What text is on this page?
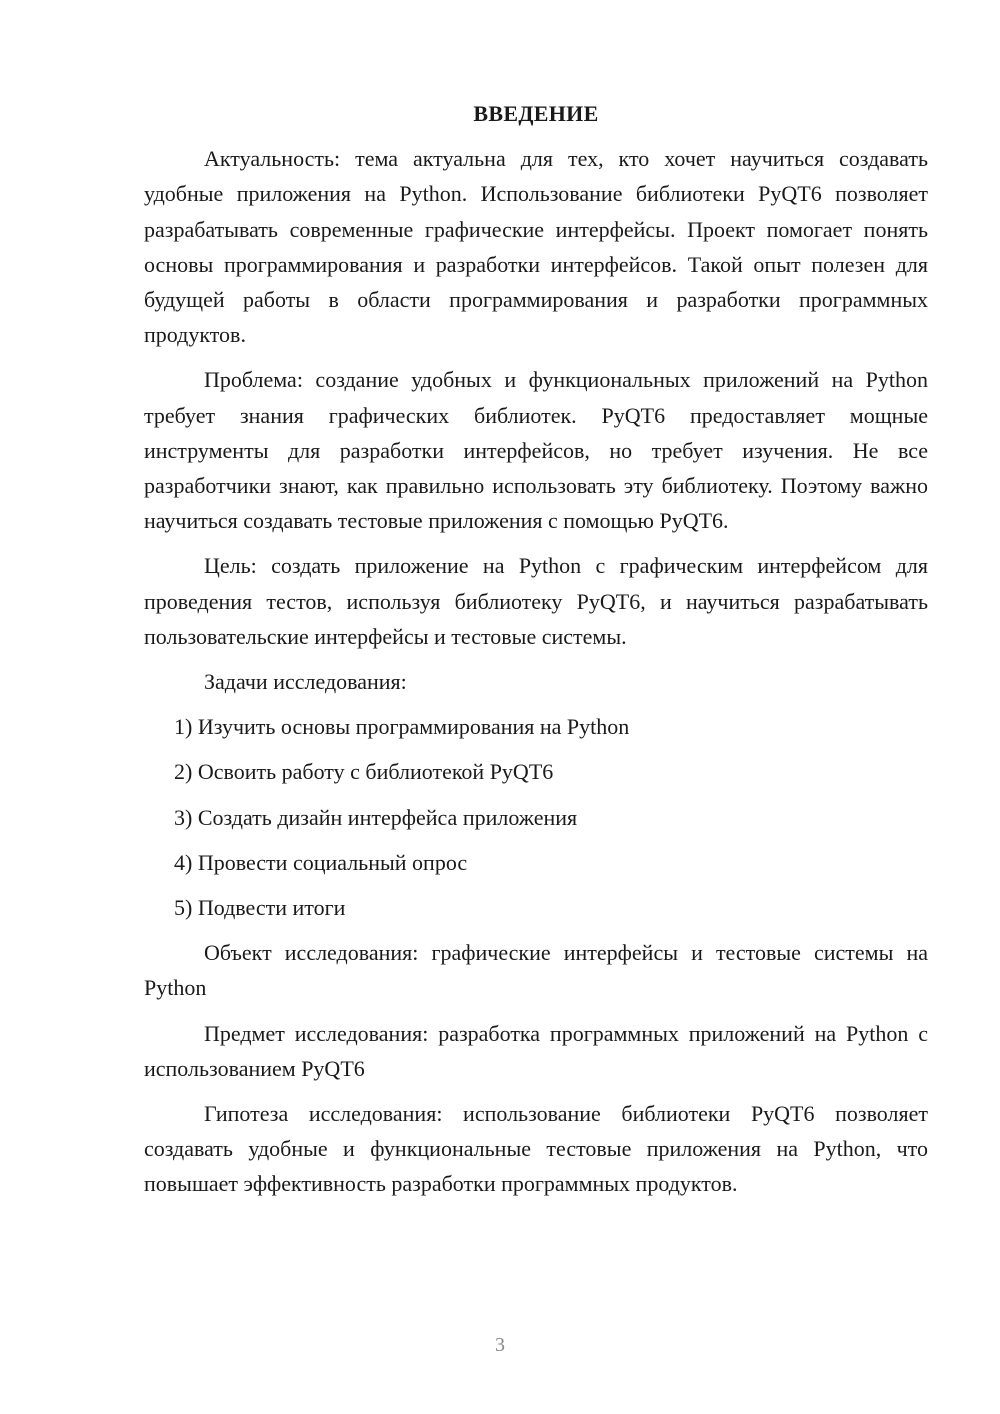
ВВЕДЕНИЕ

Актуальность: тема актуальна для тех, кто хочет научиться создавать удобные приложения на Python. Использование библиотеки PyQT6 позволяет разрабатывать современные графические интерфейсы. Проект помогает понять основы программирования и разработки интерфейсов. Такой опыт полезен для будущей работы в области программирования и разработки программных продуктов.

Проблема: создание удобных и функциональных приложений на Python требует знания графических библиотек. PyQT6 предоставляет мощные инструменты для разработки интерфейсов, но требует изучения. Не все разработчики знают, как правильно использовать эту библиотеку. Поэтому важно научиться создавать тестовые приложения с помощью PyQT6.

Цель: создать приложение на Python с графическим интерфейсом для проведения тестов, используя библиотеку PyQT6, и научиться разрабатывать пользовательские интерфейсы и тестовые системы.

Задачи исследования:

1) Изучить основы программирования на Python
2) Освоить работу с библиотекой PyQT6
3) Создать дизайн интерфейса приложения
4) Провести социальный опрос
5) Подвести итоги

Объект исследования: графические интерфейсы и тестовые системы на Python

Предмет исследования: разработка программных приложений на Python с использованием PyQT6

Гипотеза исследования: использование библиотеки PyQT6 позволяет создавать удобные и функциональные тестовые приложения на Python, что повышает эффективность разработки программных продуктов.

3
